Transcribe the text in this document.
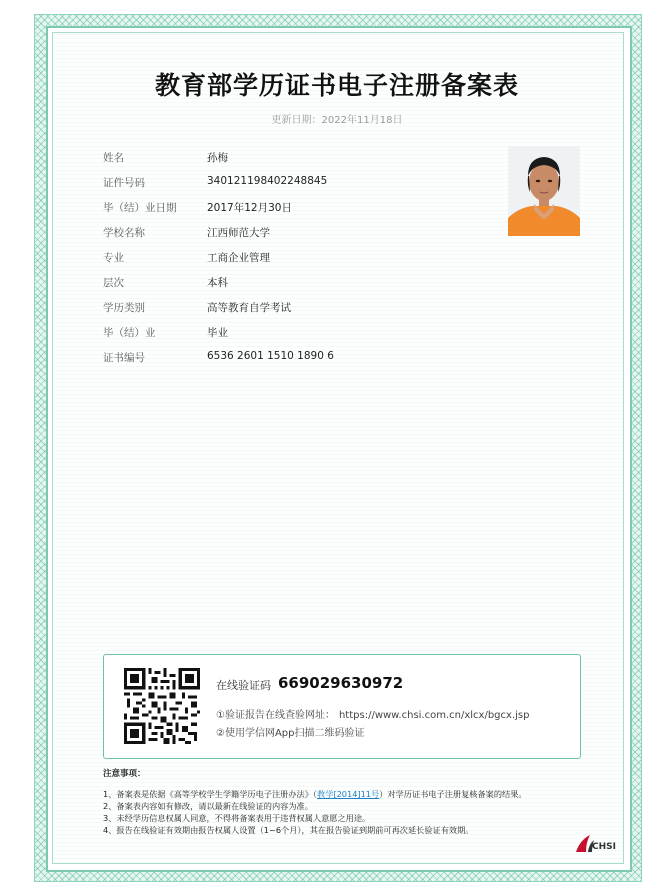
教育部学历证书电子注册备案表
更新日期：2022年11月18日
姓名	孙梅
证件号码	340121198402248845
毕（结）业日期	2017年12月30日
学校名称	江西师范大学
专业	工商企业管理
层次	本科
学历类别	高等教育自学考试
毕（结）业	毕业
证书编号	6536 2601 1510 1890 6
在线验证码 669029630972
①验证报告在线查验网址： https://www.chsi.com.cn/xlcx/bgcx.jsp
②使用学信网App扫描二维码验证
注意事项：

1、备案表是依据《高等学校学生学籍学历电子注册办法》（教学[2014]11号）对学历证书电子注册复核备案的结果。

2、备案表内容如有修改，请以最新在线验证的内容为准。

3、未经学历信息权属人同意，不得将备案表用于违背权属人意愿之用途。

4、报告在线验证有效期由报告权属人设置（1~6个月），其在报告验证到期前可再次延长验证有效期。

CHSI
